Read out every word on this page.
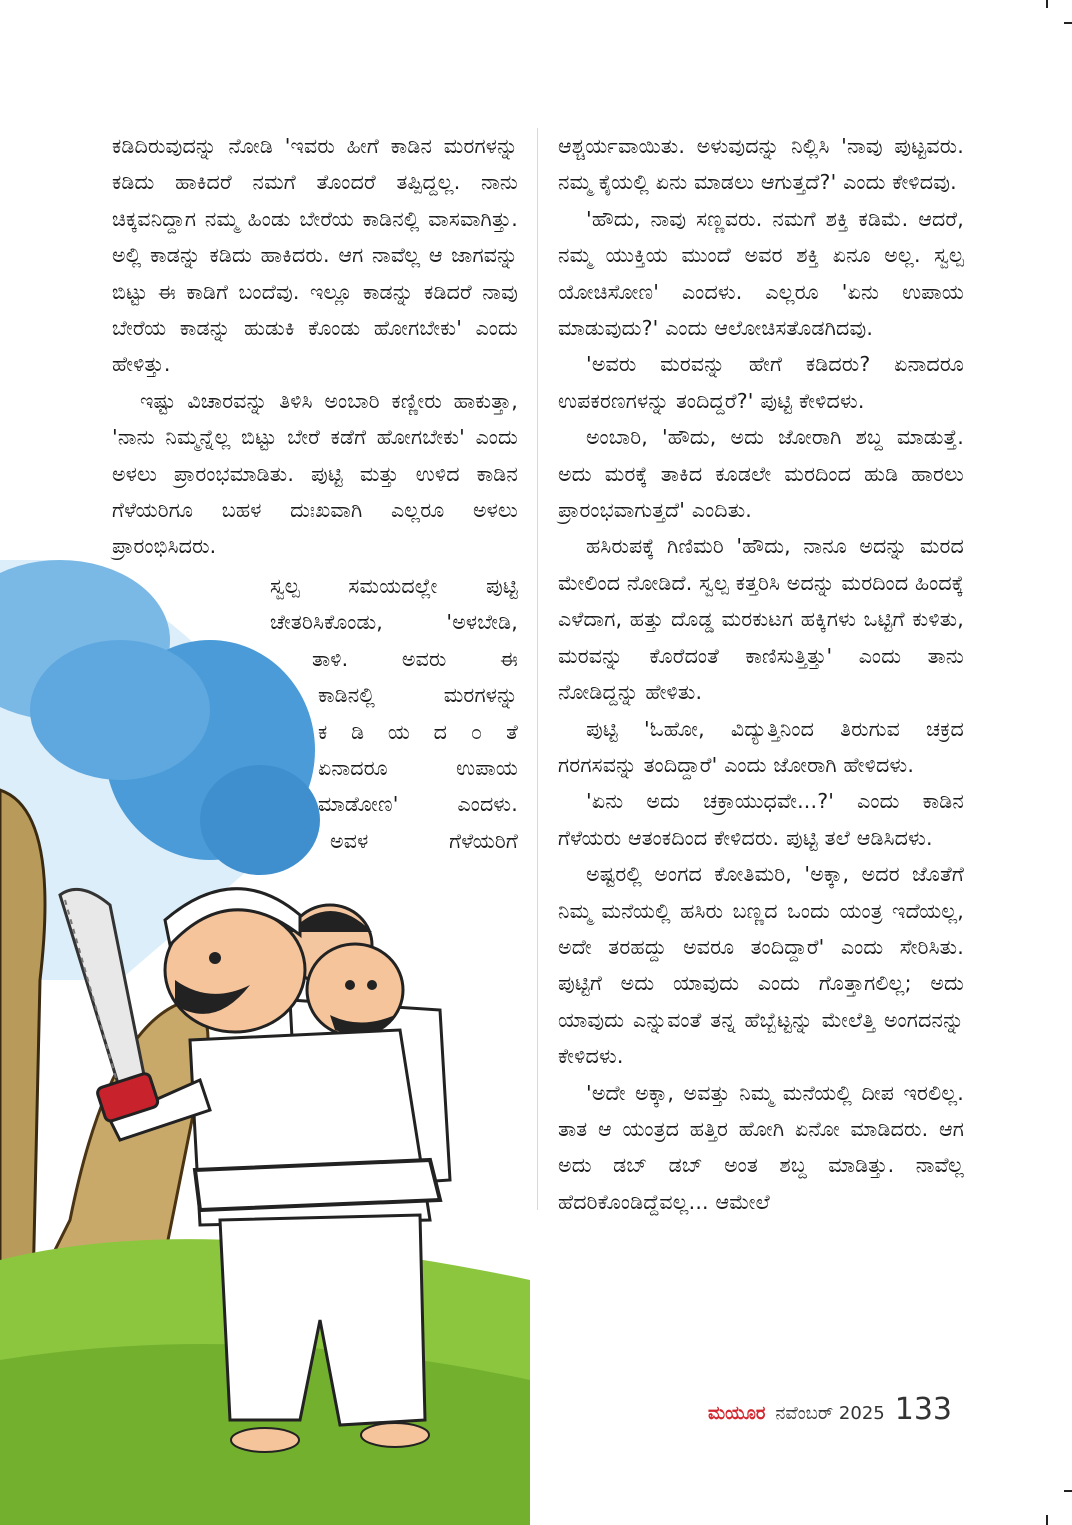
ಕಡಿದಿರುವುದನ್ನು ನೋಡಿ 'ಇವರು ಹೀಗೆ ಕಾಡಿನ ಮರಗಳನ್ನು ಕಡಿದು ಹಾಕಿದರೆ ನಮಗೆ ತೊಂದರೆ ತಪ್ಪಿದ್ದಲ್ಲ. ನಾನು ಚಿಕ್ಕವನಿದ್ದಾಗ ನಮ್ಮ ಹಿಂಡು ಬೇರೆಯ ಕಾಡಿನಲ್ಲಿ ವಾಸವಾಗಿತ್ತು. ಅಲ್ಲಿ ಕಾಡನ್ನು ಕಡಿದು ಹಾಕಿದರು. ಆಗ ನಾವೆಲ್ಲ ಆ ಜಾಗವನ್ನು ಬಿಟ್ಟು ಈ ಕಾಡಿಗೆ ಬಂದೆವು. ಇಲ್ಲೂ ಕಾಡನ್ನು ಕಡಿದರೆ ನಾವು ಬೇರೆಯ ಕಾಡನ್ನು ಹುಡುಕಿ ಕೊಂಡು ಹೋಗಬೇಕು' ಎಂದು ಹೇಳಿತ್ತು.

ಇಷ್ಟು ವಿಚಾರವನ್ನು ತಿಳಿಸಿ ಅಂಬಾರಿ ಕಣ್ಣೀರು ಹಾಕುತ್ತಾ, 'ನಾನು ನಿಮ್ಮನ್ನೆಲ್ಲ ಬಿಟ್ಟು ಬೇರೆ ಕಡೆಗೆ ಹೋಗಬೇಕು' ಎಂದು ಅಳಲು ಪ್ರಾರಂಭಮಾಡಿತು. ಪುಟ್ಟಿ ಮತ್ತು ಉಳಿದ ಕಾಡಿನ ಗೆಳೆಯರಿಗೂ ಬಹಳ ದುಃಖವಾಗಿ ಎಲ್ಲರೂ ಅಳಲು ಪ್ರಾರಂಭಿಸಿದರು.

ಸ್ವಲ್ಪ ಸಮಯದಲ್ಲೇ ಪುಟ್ಟಿ

ಚೇತರಿಸಿಕೊಂಡು, 'ಅಳಬೇಡಿ,

ತಾಳಿ. ಅವರು ಈ

ಕಾಡಿನಲ್ಲಿ ಮರಗಳನ್ನು

ಕ ಡಿ ಯ ದ ೦ ತೆ

ಏನಾದರೂ ಉಪಾಯ

ಮಾಡೋಣ' ಎಂದಳು.

ಅವಳ ಗೆಳೆಯರಿಗೆ

ಆಶ್ಚರ್ಯವಾಯಿತು. ಅಳುವುದನ್ನು ನಿಲ್ಲಿಸಿ 'ನಾವು ಪುಟ್ಟವರು. ನಮ್ಮ ಕೈಯಲ್ಲಿ ಏನು ಮಾಡಲು ಆಗುತ್ತದೆ?' ಎಂದು ಕೇಳಿದವು.

'ಹೌದು, ನಾವು ಸಣ್ಣವರು. ನಮಗೆ ಶಕ್ತಿ ಕಡಿಮೆ. ಆದರೆ, ನಮ್ಮ ಯುಕ್ತಿಯ ಮುಂದೆ ಅವರ ಶಕ್ತಿ ಏನೂ ಅಲ್ಲ. ಸ್ವಲ್ಪ ಯೋಚಿಸೋಣ' ಎಂದಳು. ಎಲ್ಲರೂ 'ಏನು ಉಪಾಯ ಮಾಡುವುದು?' ಎಂದು ಆಲೋಚಿಸತೊಡಗಿದವು.

'ಅವರು ಮರವನ್ನು ಹೇಗೆ ಕಡಿದರು? ಏನಾದರೂ ಉಪಕರಣಗಳನ್ನು ತಂದಿದ್ದರೆ?' ಪುಟ್ಟಿ ಕೇಳಿದಳು.

ಅಂಬಾರಿ, 'ಹೌದು, ಅದು ಜೋರಾಗಿ ಶಬ್ದ ಮಾಡುತ್ತೆ. ಅದು ಮರಕ್ಕೆ ತಾಕಿದ ಕೂಡಲೇ ಮರದಿಂದ ಹುಡಿ ಹಾರಲು ಪ್ರಾರಂಭವಾಗುತ್ತದೆ' ಎಂದಿತು.

ಹಸಿರುಪಕ್ಕೆ ಗಿಣಿಮರಿ 'ಹೌದು, ನಾನೂ ಅದನ್ನು ಮರದ ಮೇಲಿಂದ ನೋಡಿದೆ. ಸ್ವಲ್ಪ ಕತ್ತರಿಸಿ ಅದನ್ನು ಮರದಿಂದ ಹಿಂದಕ್ಕೆ ಎಳೆದಾಗ, ಹತ್ತು ದೊಡ್ಡ ಮರಕುಟಗ ಹಕ್ಕಿಗಳು ಒಟ್ಟಿಗೆ ಕುಳಿತು, ಮರವನ್ನು ಕೊರೆದಂತೆ ಕಾಣಿಸುತ್ತಿತ್ತು' ಎಂದು ತಾನು ನೋಡಿದ್ದನ್ನು ಹೇಳಿತು.

ಪುಟ್ಟಿ 'ಓಹೋ, ವಿದ್ಯುತ್ತಿನಿಂದ ತಿರುಗುವ ಚಕ್ರದ ಗರಗಸವನ್ನು ತಂದಿದ್ದಾರೆ' ಎಂದು ಜೋರಾಗಿ ಹೇಳಿದಳು.

'ಏನು ಅದು ಚಕ್ರಾಯುಧವೇ...?' ಎಂದು ಕಾಡಿನ ಗೆಳೆಯರು ಆತಂಕದಿಂದ ಕೇಳಿದರು. ಪುಟ್ಟಿ ತಲೆ ಆಡಿಸಿದಳು.

ಅಷ್ಟರಲ್ಲಿ ಅಂಗದ ಕೋತಿಮರಿ, 'ಅಕ್ಕಾ, ಅದರ ಜೊತೆಗೆ ನಿಮ್ಮ ಮನೆಯಲ್ಲಿ ಹಸಿರು ಬಣ್ಣದ ಒಂದು ಯಂತ್ರ ಇದೆಯಲ್ಲ, ಅದೇ ತರಹದ್ದು ಅವರೂ ತಂದಿದ್ದಾರೆ' ಎಂದು ಸೇರಿಸಿತು. ಪುಟ್ಟಿಗೆ ಅದು ಯಾವುದು ಎಂದು ಗೊತ್ತಾಗಲಿಲ್ಲ; ಅದು ಯಾವುದು ಎನ್ನುವಂತೆ ತನ್ನ ಹೆಬ್ಬೆಟ್ಟನ್ನು ಮೇಲೆತ್ತಿ ಅಂಗದನನ್ನು ಕೇಳಿದಳು.

'ಅದೇ ಅಕ್ಕಾ, ಅವತ್ತು ನಿಮ್ಮ ಮನೆಯಲ್ಲಿ ದೀಪ ಇರಲಿಲ್ಲ. ತಾತ ಆ ಯಂತ್ರದ ಹತ್ತಿರ ಹೋಗಿ ಏನೋ ಮಾಡಿದರು. ಆಗ ಅದು ಡಬ್ ಡಬ್ ಅಂತ ಶಬ್ದ ಮಾಡಿತ್ತು. ನಾವೆಲ್ಲ ಹೆದರಿಕೊಂಡಿದ್ದೆವಲ್ಲ... ಆಮೇಲೆ

ಮಯೂರ ನವೆಂಬರ್ 2025 133
